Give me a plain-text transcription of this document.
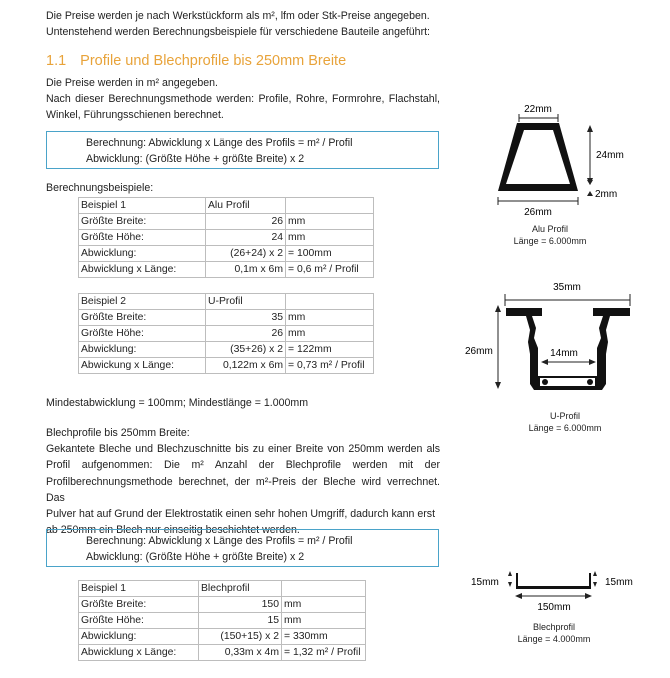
Die Preise werden je nach Werkstückform als m², lfm oder Stk-Preise angegeben.
Untenstehend werden Berechnungsbeispiele für verschiedene Bauteile angeführt:
1.1 Profile und Blechprofile bis 250mm Breite
Die Preise werden in m² angegeben.
Nach dieser Berechnungsmethode werden: Profile, Rohre, Formrohre, Flachstahl,
Winkel, Führungsschienen berechnet.
Berechnung: Abwicklung x Länge des Profils = m² / Profil
Abwicklung: (Größte Höhe + größte Breite) x 2
Berechnungsbeispiele:
Beispiel 1	Alu Profil	
Größte Breite:	26	mm
Größte Höhe:	24	mm
Abwicklung:	(26+24) x 2	= 100mm
Abwicklung x Länge:	0,1m x 6m	= 0,6 m² / Profil

Beispiel 2	U-Profil	
Größte Breite:	35	mm
Größte Höhe:	26	mm
Abwicklung:	(35+26) x 2	= 122mm
Abwickung x Länge:	0,122m x 6m	= 0,73 m² / Profil
Mindestabwicklung = 100mm; Mindestlänge = 1.000mm
Blechprofile bis 250mm Breite:
Gekantete Bleche und Blechzuschnitte bis zu einer Breite von 250mm werden als
Profil aufgenommen: Die m² Anzahl der Blechprofile werden mit der
Profilberechnungsmethode berechnet, der m²-Preis der Bleche wird verrechnet. Das
Pulver hat auf Grund der Elektrostatik einen sehr hohen Umgriff, dadurch kann erst
ab 250mm ein Blech nur einseitig beschichtet werden.
Berechnung: Abwicklung x Länge des Profils = m² / Profil
Abwicklung: (Größte Höhe + größte Breite) x 2
Beispiel 1	Blechprofil	
Größte Breite:	150	mm
Größte Höhe:	15	mm
Abwicklung:	(150+15) x 2	= 330mm
Abwicklung x Länge:	0,33m x 4m	= 1,32 m² / Profil
22mm
24mm
2mm
26mm
Alu Profil
Länge = 6.000mm
35mm
26mm	14mm
U-Profil
Länge = 6.000mm
15mm	15mm
150mm
Blechprofil
Länge = 4.000mm
